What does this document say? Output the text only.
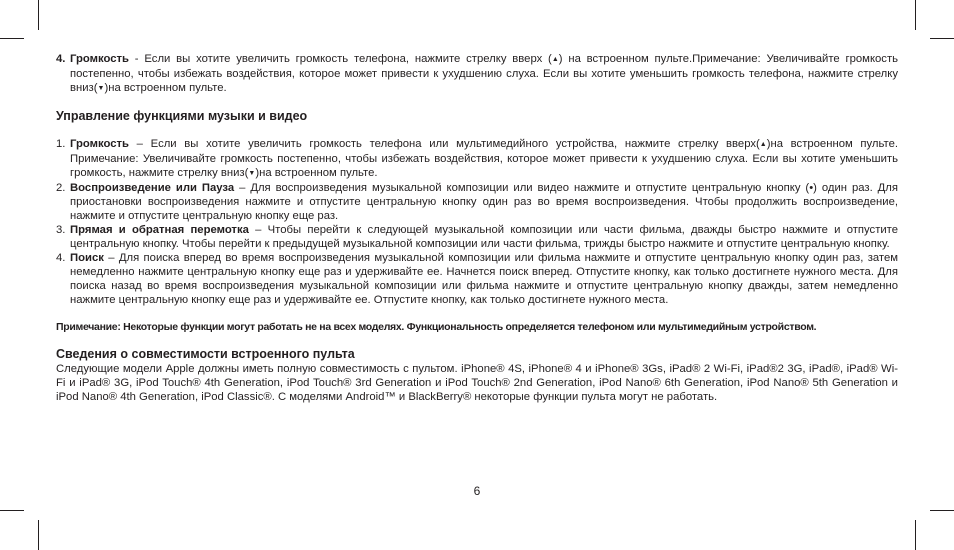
4. Громкость - Если вы хотите увеличить громкость телефона, нажмите стрелку вверх (▲) на встроенном пульте.Примечание: Увеличивайте громкость постепенно, чтобы избежать воздействия, которое может привести к ухудшению слуха. Если вы хотите уменьшить громкость телефона, нажмите стрелку вниз(▼)на встроенном пульте.

Управление функциями музыки и видео

1. Громкость – Если вы хотите увеличить громкость телефона или мультимедийного устройства, нажмите стрелку вверх(▲)на встроенном пульте. Примечание: Увеличивайте громкость постепенно, чтобы избежать воздействия, которое может привести к ухудшению слуха. Если вы хотите уменьшить громкость, нажмите стрелку вниз(▼)на встроенном пульте.

2. Воспроизведение или Пауза – Для воспроизведения музыкальной композиции или видео нажмите и отпустите центральную кнопку (•) один раз. Для приостановки воспроизведения нажмите и отпустите центральную кнопку один раз во время воспроизведения. Чтобы продолжить воспроизведение, нажмите и отпустите центральную кнопку еще раз.

3. Прямая и обратная перемотка – Чтобы перейти к следующей музыкальной композиции или части фильма, дважды быстро нажмите и отпустите центральную кнопку. Чтобы перейти к предыдущей музыкальной композиции или части фильма, трижды быстро нажмите и отпустите центральную кнопку.

4. Поиск – Для поиска вперед во время воспроизведения музыкальной композиции или фильма нажмите и отпустите центральную кнопку один раз, затем немедленно нажмите центральную кнопку еще раз и удерживайте ее. Начнется поиск вперед. Отпустите кнопку, как только достигнете нужного места. Для поиска назад во время воспроизведения музыкальной композиции или фильма нажмите и отпустите центральную кнопку дважды, затем немедленно нажмите центральную кнопку еще раз и удерживайте ее. Отпустите кнопку, как только достигнете нужного места.

Примечание: Некоторые функции могут работать не на всех моделях. Функциональность определяется телефоном или мультимедийным устройством.

Сведения о совместимости встроенного пульта

Следующие модели Apple должны иметь полную совместимость с пультом. iPhone® 4S, iPhone® 4 и iPhone® 3Gs, iPad® 2 Wi-Fi, iPad®2 3G, iPad®, iPad® Wi-Fi и iPad® 3G, iPod Touch® 4th Generation, iPod Touch® 3rd Generation и iPod Touch® 2nd Generation, iPod Nano® 6th Generation, iPod Nano® 5th Generation и iPod Nano® 4th Generation, iPod Classic®. С моделями Android™ и BlackBerry® некоторые функции пульта могут не работать.

6
